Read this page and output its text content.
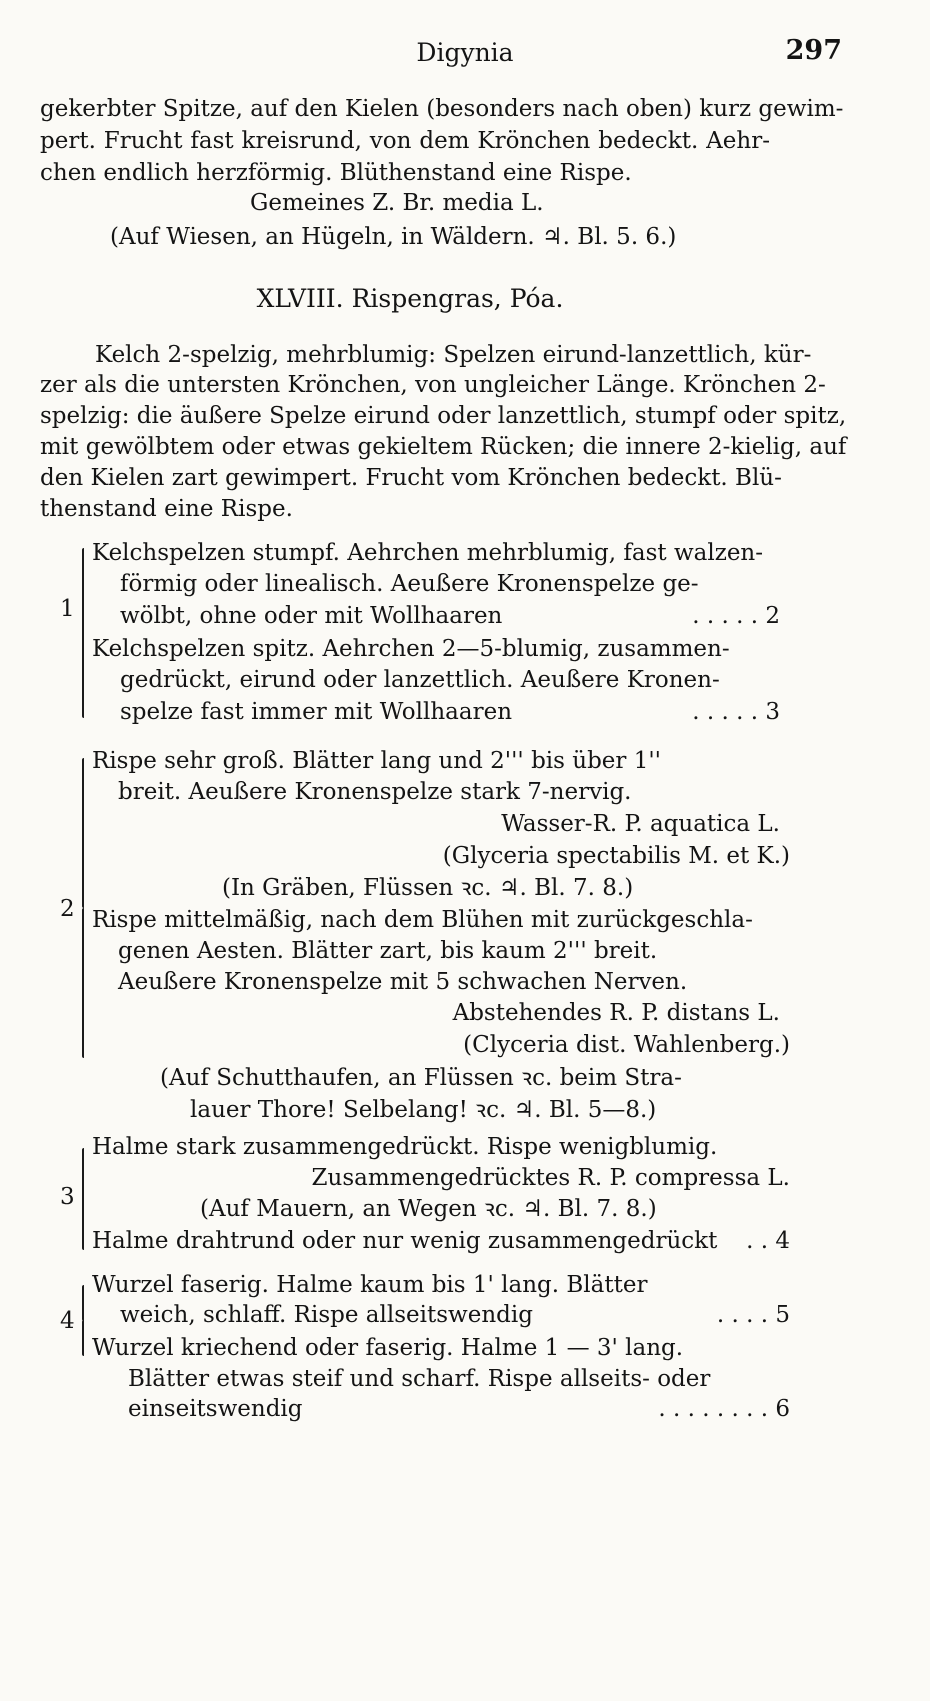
Digynia	297
gekerbter Spitze, auf den Kielen (besonders nach oben) kurz gewim-
pert. Frucht fast kreisrund, von dem Krönchen bedeckt. Aehr-
chen endlich herzförmig. Blüthenstand eine Rispe.
Gemeines Z. Br. media L.
(Auf Wiesen, an Hügeln, in Wäldern. ♃. Bl. 5. 6.)
XLVIII. Rispengras, Póa.
Kelch 2-spelzig, mehrblumig: Spelzen eirund-lanzettlich, kür-
zer als die untersten Krönchen, von ungleicher Länge. Krönchen 2-
spelzig: die äußere Spelze eirund oder lanzettlich, stumpf oder spitz,
mit gewölbtem oder etwas gekieltem Rücken; die innere 2-kielig, auf
den Kielen zart gewimpert. Frucht vom Krönchen bedeckt. Blü-
thenstand eine Rispe.
1
Kelchspelzen stumpf. Aehrchen mehrblumig, fast walzen-
förmig oder linealisch. Aeußere Kronenspelze ge-
wölbt, ohne oder mit Wollhaaren	. . . . . 2
Kelchspelzen spitz. Aehrchen 2—5-blumig, zusammen-
gedrückt, eirund oder lanzettlich. Aeußere Kronen-
spelze fast immer mit Wollhaaren	. . . . . 3
2
Rispe sehr groß. Blätter lang und 2''' bis über 1''
breit. Aeußere Kronenspelze stark 7-nervig.
Wasser-R. P. aquatica L.
(Glyceria spectabilis M. et K.)
(In Gräben, Flüssen ꝛc. ♃. Bl. 7. 8.)
Rispe mittelmäßig, nach dem Blühen mit zurückgeschla-
genen Aesten. Blätter zart, bis kaum 2''' breit.
Aeußere Kronenspelze mit 5 schwachen Nerven.
Abstehendes R. P. distans L.
(Clyceria dist. Wahlenberg.)
(Auf Schutthaufen, an Flüssen ꝛc. beim Stra-
lauer Thore! Selbelang! ꝛc. ♃. Bl. 5—8.)
3
Halme stark zusammengedrückt. Rispe wenigblumig.
Zusammengedrücktes R. P. compressa L.
(Auf Mauern, an Wegen ꝛc. ♃. Bl. 7. 8.)
Halme drahtrund oder nur wenig zusammengedrückt	. . 4
4
Wurzel faserig. Halme kaum bis 1' lang. Blätter
weich, schlaff. Rispe allseitswendig	. . . . 5
Wurzel kriechend oder faserig. Halme 1 — 3' lang.
Blätter etwas steif und scharf. Rispe allseits- oder
einseitswendig	. . . . . . . . 6
